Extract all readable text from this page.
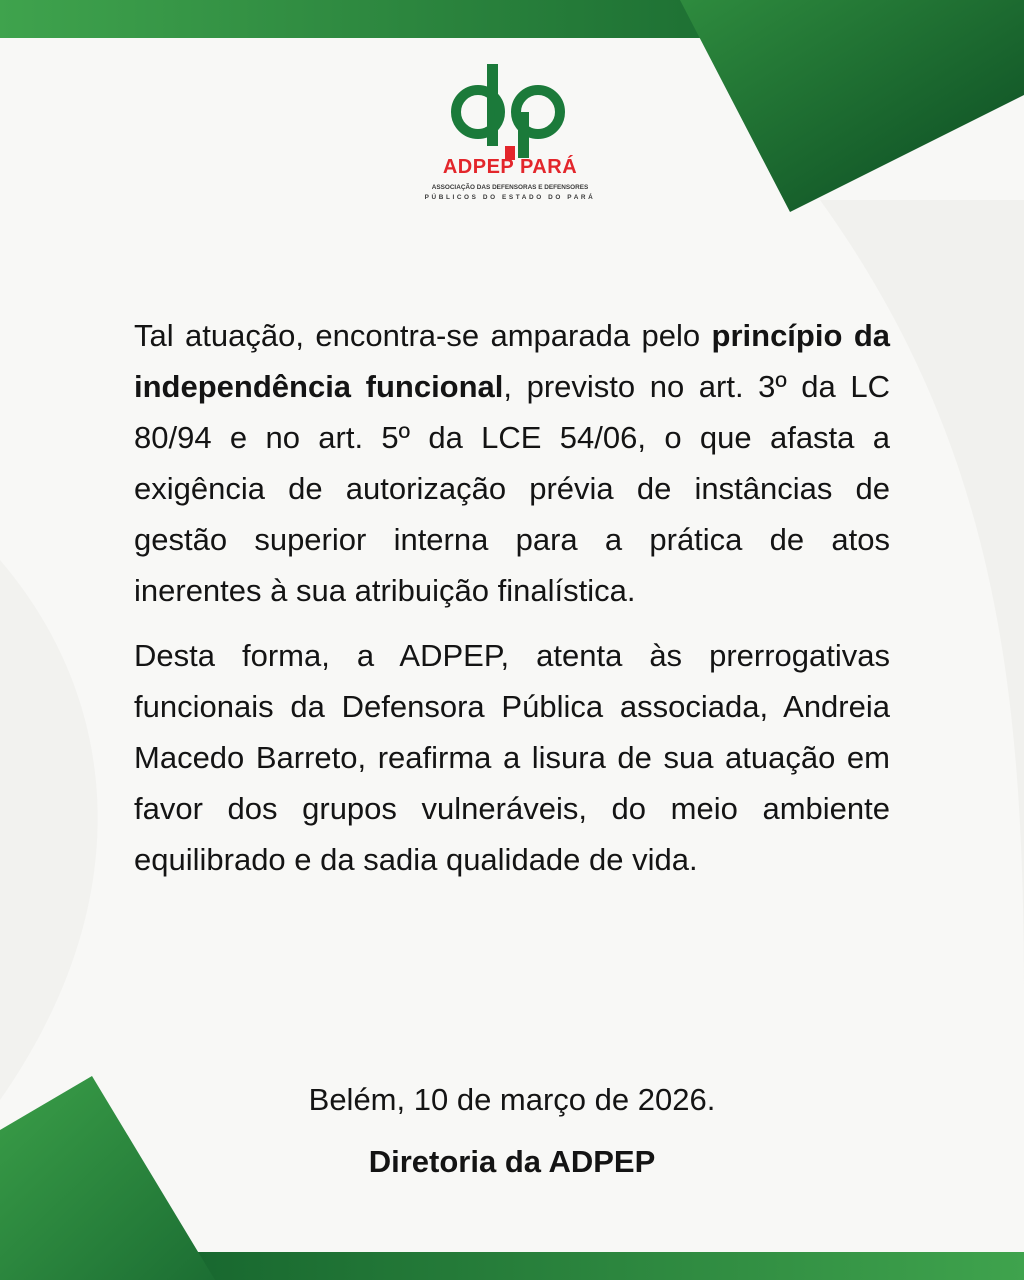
ADPEP PARÁ
ASSOCIAÇÃO DAS DEFENSORAS E DEFENSORES
PÚBLICOS DO ESTADO DO PARÁ

Tal atuação, encontra-se amparada pelo princípio da independência funcional, previsto no art. 3º da LC 80/94 e no art. 5º da LCE 54/06, o que afasta a exigência de autorização prévia de instâncias de gestão superior interna para a prática de atos inerentes à sua atribuição finalística.

Desta forma, a ADPEP, atenta às prerrogativas funcionais da Defensora Pública associada, Andreia Macedo Barreto, reafirma a lisura de sua atuação em favor dos grupos vulneráveis, do meio ambiente equilibrado e da sadia qualidade de vida.

Belém, 10 de março de 2026.
Diretoria da ADPEP
